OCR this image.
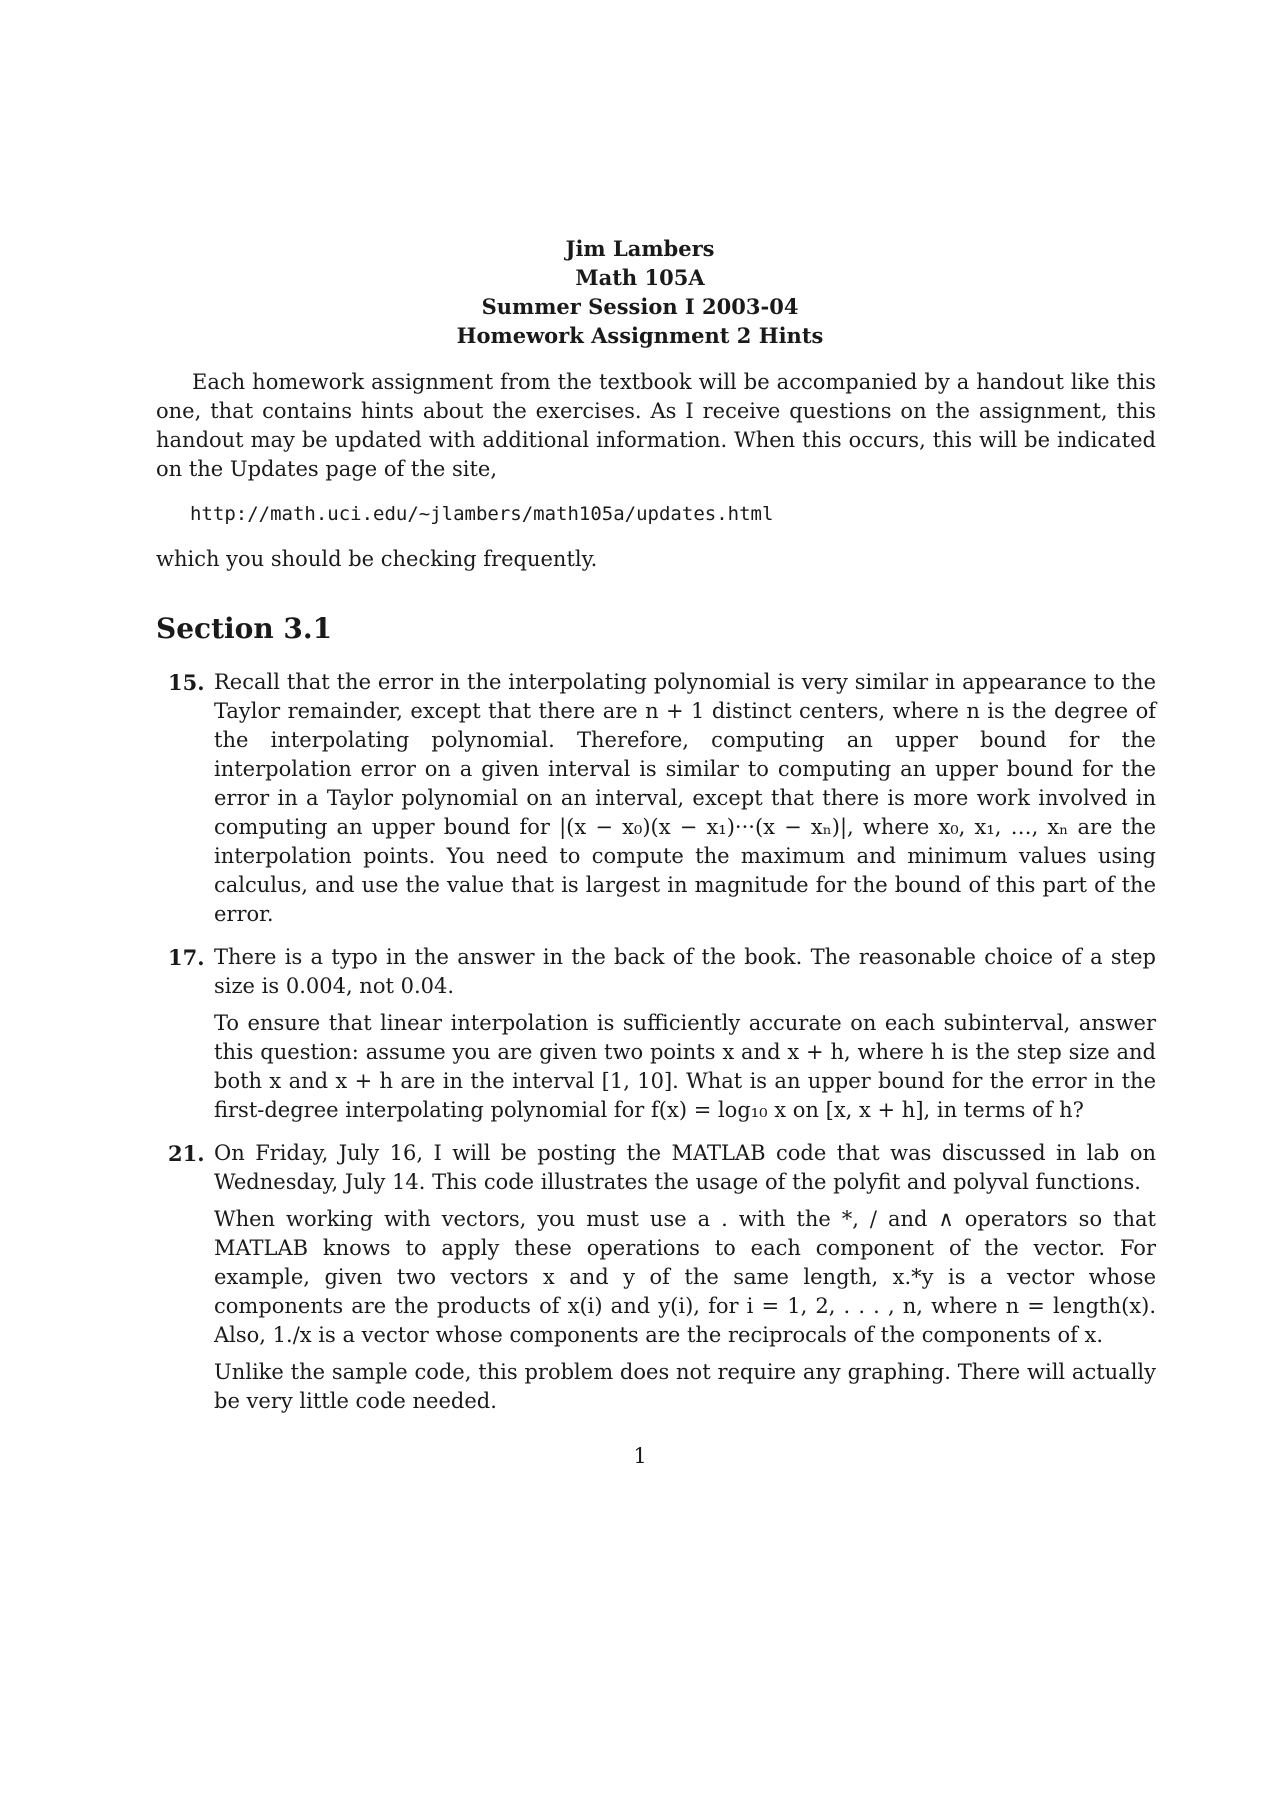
Jim Lambers
Math 105A
Summer Session I 2003-04
Homework Assignment 2 Hints
Each homework assignment from the textbook will be accompanied by a handout like this one, that contains hints about the exercises. As I receive questions on the assignment, this handout may be updated with additional information. When this occurs, this will be indicated on the Updates page of the site,
http://math.uci.edu/~jlambers/math105a/updates.html
which you should be checking frequently.
Section 3.1
15. Recall that the error in the interpolating polynomial is very similar in appearance to the Taylor remainder, except that there are n + 1 distinct centers, where n is the degree of the interpolating polynomial. Therefore, computing an upper bound for the interpolation error on a given interval is similar to computing an upper bound for the error in a Taylor polynomial on an interval, except that there is more work involved in computing an upper bound for |(x − x₀)(x − x₁)···(x − xₙ)|, where x₀, x₁, …, xₙ are the interpolation points. You need to compute the maximum and minimum values using calculus, and use the value that is largest in magnitude for the bound of this part of the error.

17. There is a typo in the answer in the back of the book. The reasonable choice of a step size is 0.004, not 0.04.

To ensure that linear interpolation is sufficiently accurate on each subinterval, answer this question: assume you are given two points x and x + h, where h is the step size and both x and x + h are in the interval [1, 10]. What is an upper bound for the error in the first-degree interpolating polynomial for f(x) = log₁₀ x on [x, x + h], in terms of h?

21. On Friday, July 16, I will be posting the MATLAB code that was discussed in lab on Wednesday, July 14. This code illustrates the usage of the polyfit and polyval functions.

When working with vectors, you must use a . with the *, / and ∧ operators so that MATLAB knows to apply these operations to each component of the vector. For example, given two vectors x and y of the same length, x.*y is a vector whose components are the products of x(i) and y(i), for i = 1, 2, . . . , n, where n = length(x). Also, 1./x is a vector whose components are the reciprocals of the components of x.

Unlike the sample code, this problem does not require any graphing. There will actually be very little code needed.

1
